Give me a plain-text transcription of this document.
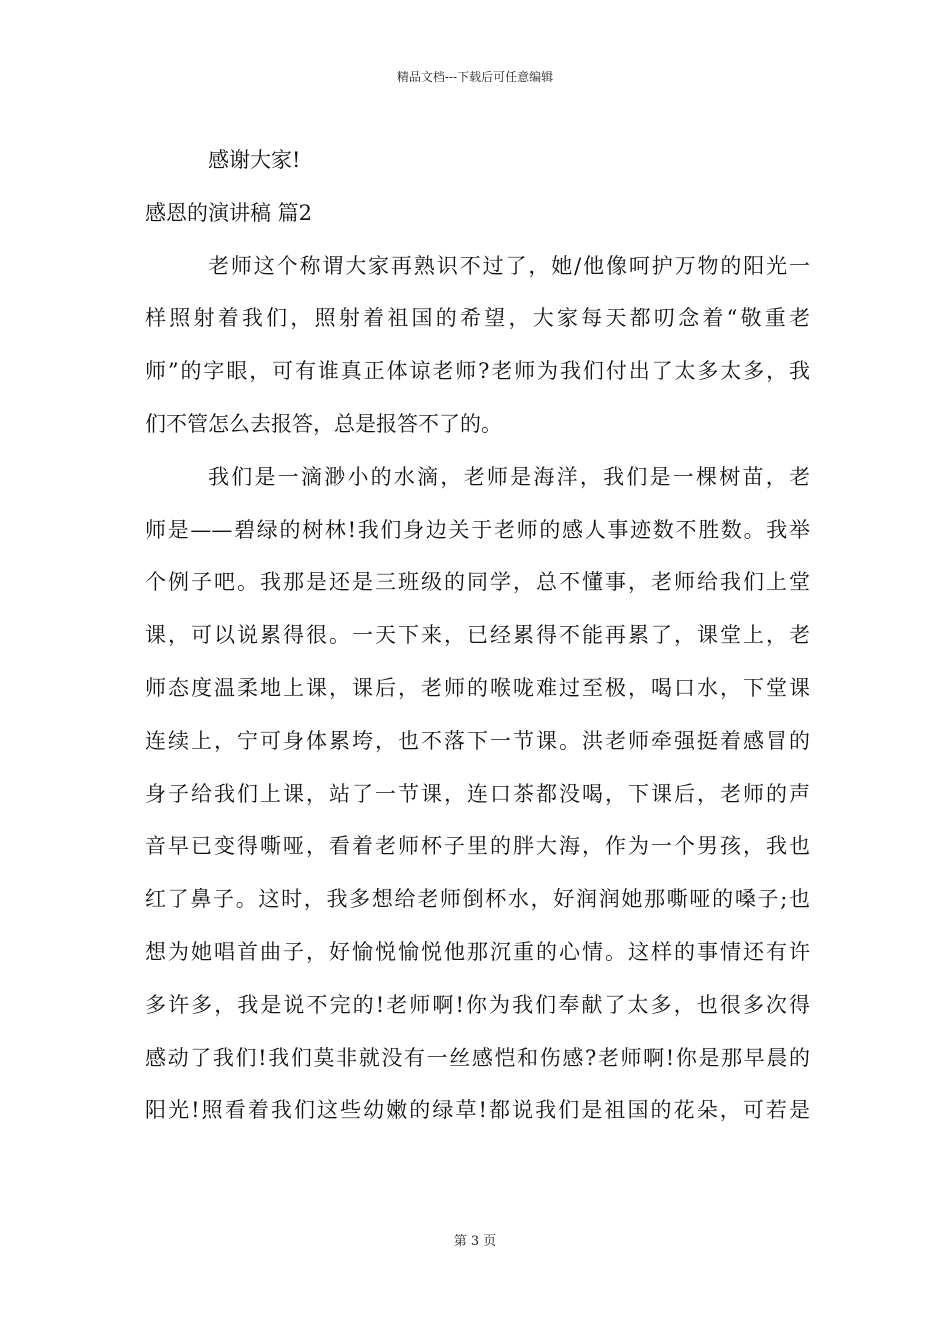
精品文档---下载后可任意编辑
感谢大家!
感恩的演讲稿 篇2
老师这个称谓大家再熟识不过了，她/他像呵护万物的阳光一
样照射着我们，照射着祖国的希望，大家每天都叨念着“敬重老
师”的字眼，可有谁真正体谅老师?老师为我们付出了太多太多，我
们不管怎么去报答，总是报答不了的。
我们是一滴渺小的水滴，老师是海洋，我们是一棵树苗，老
师是——碧绿的树林!我们身边关于老师的感人事迹数不胜数。我举
个例子吧。我那是还是三班级的同学，总不懂事，老师给我们上堂
课，可以说累得很。一天下来，已经累得不能再累了，课堂上，老
师态度温柔地上课，课后，老师的喉咙难过至极，喝口水，下堂课
连续上，宁可身体累垮，也不落下一节课。洪老师牵强挺着感冒的
身子给我们上课，站了一节课，连口茶都没喝，下课后，老师的声
音早已变得嘶哑，看着老师杯子里的胖大海，作为一个男孩，我也
红了鼻子。这时，我多想给老师倒杯水，好润润她那嘶哑的嗓子;也
想为她唱首曲子，好愉悦愉悦他那沉重的心情。这样的事情还有许
多许多，我是说不完的!老师啊!你为我们奉献了太多，也很多次得
感动了我们!我们莫非就没有一丝感恺和伤感?老师啊!你是那早晨的
阳光!照看着我们这些幼嫩的绿草!都说我们是祖国的花朵，可若是
第 3 页
